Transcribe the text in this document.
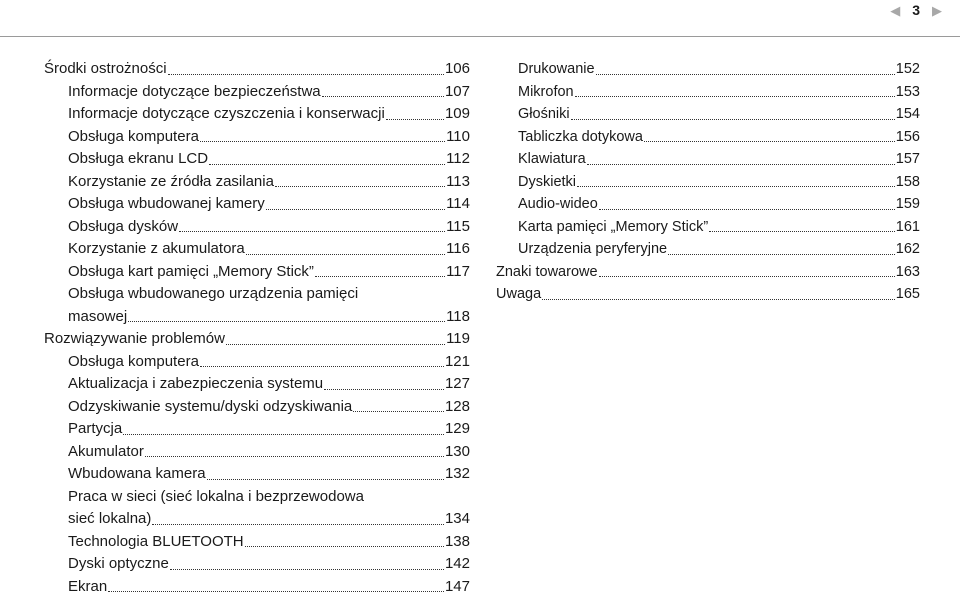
◀ 3 ▶
Środki ostrożności	106
Informacje dotyczące bezpieczeństwa	107
Informacje dotyczące czyszczenia i konserwacji	109
Obsługa komputera	110
Obsługa ekranu LCD	112
Korzystanie ze źródła zasilania	113
Obsługa wbudowanej kamery	114
Obsługa dysków	115
Korzystanie z akumulatora	116
Obsługa kart pamięci „Memory Stick”	117
Obsługa wbudowanego urządzenia pamięci
masowej	118
Rozwiązywanie problemów	119
Obsługa komputera	121
Aktualizacja i zabezpieczenia systemu	127
Odzyskiwanie systemu/dyski odzyskiwania	128
Partycja	129
Akumulator	130
Wbudowana kamera	132
Praca w sieci (sieć lokalna i bezprzewodowa
sieć lokalna)	134
Technologia BLUETOOTH	138
Dyski optyczne	142
Ekran	147
Drukowanie	152
Mikrofon	153
Głośniki	154
Tabliczka dotykowa	156
Klawiatura	157
Dyskietki	158
Audio-wideo	159
Karta pamięci „Memory Stick”	161
Urządzenia peryferyjne	162
Znaki towarowe	163
Uwaga	165
